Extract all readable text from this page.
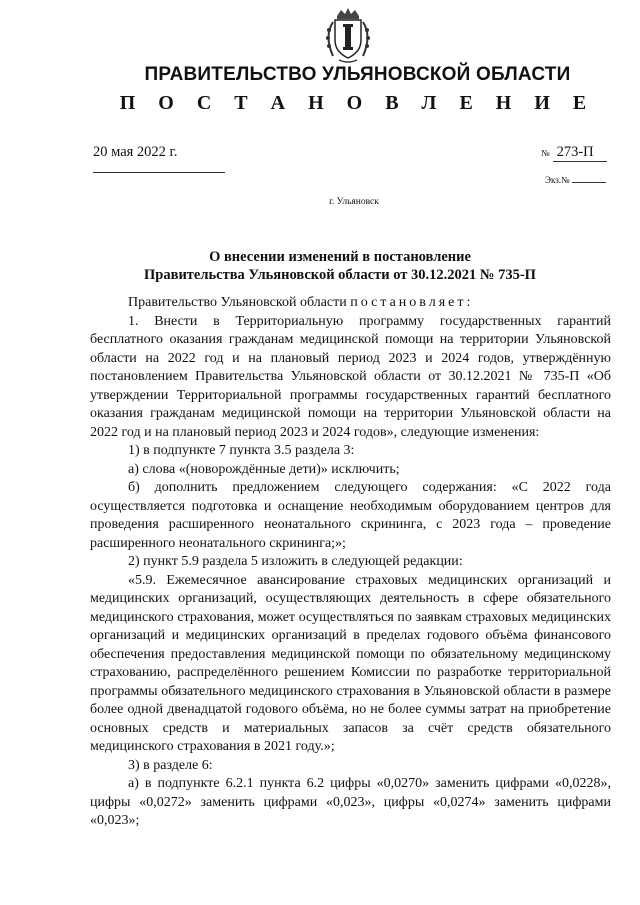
ПРАВИТЕЛЬСТВО УЛЬЯНОВСКОЙ ОБЛАСТИ
П О С Т А Н О В Л Е Н И Е
20 мая 2022 г.	№ 273-П
Экз.№
г. Ульяновск
О внесении изменений в постановление
Правительства Ульяновской области от 30.12.2021 № 735-П

Правительство Ульяновской области постановляет:

1. Внести в Территориальную программу государственных гарантий бесплатного оказания гражданам медицинской помощи на территории Ульяновской области на 2022 год и на плановый период 2023 и 2024 годов, утверждённую постановлением Правительства Ульяновской области от 30.12.2021 № 735-П «Об утверждении Территориальной программы государственных гарантий бесплатного оказания гражданам медицинской помощи на территории Ульяновской области на 2022 год и на плановый период 2023 и 2024 годов», следующие изменения:

1) в подпункте 7 пункта 3.5 раздела 3:

а) слова «(новорождённые дети)» исключить;

б) дополнить предложением следующего содержания: «С 2022 года осуществляется подготовка и оснащение необходимым оборудованием центров для проведения расширенного неонатального скрининга, с 2023 года – проведение расширенного неонатального скрининга;»;

2) пункт 5.9 раздела 5 изложить в следующей редакции:

«5.9. Ежемесячное авансирование страховых медицинских организаций и медицинских организаций, осуществляющих деятельность в сфере обязательного медицинского страхования, может осуществляться по заявкам страховых медицинских организаций и медицинских организаций в пределах годового объёма финансового обеспечения предоставления медицинской помощи по обязательному медицинскому страхованию, распределённого решением Комиссии по разработке территориальной программы обязательного медицинского страхования в Ульяновской области в размере более одной двенадцатой годового объёма, но не более суммы затрат на приобретение основных средств и материальных запасов за счёт средств обязательного медицинского страхования в 2021 году.»;

3) в разделе 6:

а) в подпункте 6.2.1 пункта 6.2 цифры «0,0270» заменить цифрами «0,0228», цифры «0,0272» заменить цифрами «0,023», цифры «0,0274» заменить цифрами «0,023»;
